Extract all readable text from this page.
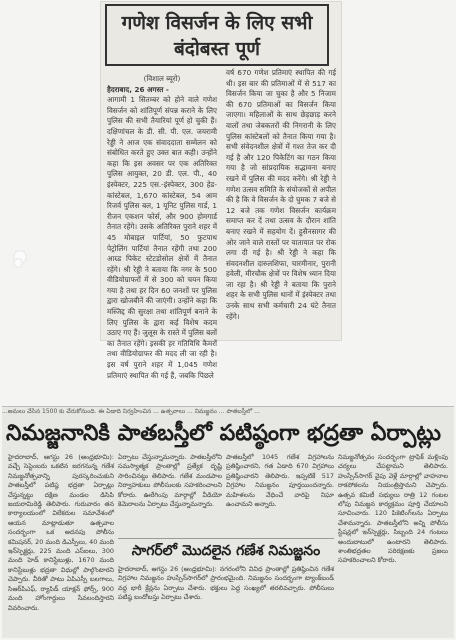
गणेश विसर्जन के लिए सभी बंदोबस्त पूर्ण
(विशाल ब्यूरो)
हैदराबाद, 26 अगस्त -
आगामी 1 सितम्बर को होने वाले गणेश विसर्जन को शांतिपूर्ण संपन्न कराने के लिए पुलिस की सभी तैयारियां पूर्ण हो चुकी हैं। दक्षिणांचल के डी. सी. पी. एल. जयरामी रेड्डी ने आज एक संवाददाता सम्मेलन को संबोधित करते हुए उक्त बात कही। उन्होंने कहा कि इस अवसर पर एक अतिरिक्त पुलिस आयुक्त, 20 डी. एल. पी., 40 इंस्पेक्टर, 225 एस.-इंस्पेक्टर, 300 हेड-कांस्टेबल, 1,670 कांस्टेबल, 54 आम रिजर्व पुलिस बल, 1 यूनिट पुलिस गार्ड, 1 रीजन एकशन फोर्स, और 900 होमगार्ड तैनात रहेंगे। उसके अतिरिक्त पुराने शहर में 45 मोबाइल पार्टियां, 50 फुटपाथ पेट्रोलिंग पार्टियां तैनात रहेंगी तथा 200 आम्र्ड पिकेट स्टेटडोसोल क्षेत्रों में तैनात रहेंगे। श्री रेड्डी ने बताया कि नगर के 500 वीडियोग्राफरों में से 300 को चयन किया गया है तथा हर दिन 60 जनशों पर पुलिस द्वारा खोजबीनें की जाएंगी। उन्होंने कहा कि मस्जिद्द की सुरक्षा तथा शांतिपूर्ण बनाने के लिए पुलिस के द्वारा कई विशेष कदम उठाए गए हैं। जुलूस के रास्ते में पुलिस बलों का तैनात रहेंगे। इसकी हर गतिविधि कैमरों तथा वीडियोग्राफर की मदद ली जा रही है। इस वर्ष पुराने शहर में 1,045 गणेश प्रतिमाएं स्थापित की गई हैं, जबकि पिछले
वर्ष 670 गणेश प्रतिमाएं स्थापित की गई थी। इस बार की प्रतिमाओं में से 517 का विसर्जन किया जा चुका है और 5 निजाम की 670 प्रतिमाओं का विसर्जन किया जाएगा। महिलाओं के साथ छेड़छाड़ करने वालों तथा जेबकतरों की निगरानी के लिए पुलिस कांस्टेबलों को तैनात किया गया है। सभी संवेदनशील क्षेत्रों में गश्त तेज कर दी गई है और 120 पिकेटिंग का गठन किया गया है जो सांप्रदायिक सद्भावना बनाए रखने में पुलिस की मदद करेंगे। श्री रेड्डी ने गणेश उत्सव समिति के संयोजकों से अपील की है कि वे विसर्जन के दो घुमक 7 बजे से 12 बजे तक गणेश विसर्जन कार्यक्रम समाप्त कर दें तथा उत्सव के दौरान शांति बनाए रखने में सहयोग दें। हुसैनसागर की ओर जाने वाले रास्तों पर यातायात पर रोक लगा दी गई है। श्री रेड्डी ने कहा कि संवदनशील दारुलशिफा, चारमीनार, पुरानी हवेली, मीरचौक क्षेत्रों पर विशेष ध्यान दिया जा रहा है। श्री रेड्डी ने बताया कि पुराने शहर के सभी पुलिस थानों में इंस्पेक्टर तथा उनके साथ सभी कर्मचारी 24 घंटे तैनात रहेंगे।
...అమలు చేసిన 1500 కు చేరుకోనుంది. ఈ ఏడాది నిర్వహించిన ... ఉత్సవాలు ... నిమజ్జనం ... పాతబస్తీలో ...
నిమజ్జనానికి పాతబస్తీలో పటిష్ఠంగా భద్రతా ఏర్పాట్లు
హైదరాబాద్, ఆగస్టు 26 (ఆంధ్రభూమి): వచ్చే సెప్టెంబరు ఒకటిన జరగనున్న గణేశ నిమజ్జనోత్సవాన్ని పురస్కరించుకుని పాతబస్తీలో పటిష్ఠ భద్రతా ఏర్పాట్లు చేస్తున్నట్టు దక్షిణ మండల డిసిపి జయరామిరెడ్డి తెలిపారు. గురువారం తన కార్యాలయంలో విలేకరుల సమావేశంలో ఆయన మాట్లాడుతూ ఉత్సవాల సందర్భంగా ఒక అదనపు పోలీసు కమిషనర్, 20 మంది డిఎస్పీలు, 40 మంది ఇన్‌స్పెక్టర్లు, 225 మంది ఎస్‌ఐలు, 300 మంది హెడ్ కానిస్టేబుళ్లు, 1670 మంది కానిస్టేబుళ్లు భద్రతా విధుల్లో పాల్గొంటారని చెప్పారు. వీరితో పాటు ఏపిఎస్పీ బలగాలు, సిఆర్‌పిఎఫ్, ర్యాపిడ్ యాక్షన్ ఫోర్స్, 900 మంది హోంగార్డులు సేవలందిస్తారని వివరించారు.
ఏర్పాటు చేస్తున్నామన్నారు. పాతబస్తీలోని సమస్యాత్మక ప్రాంతాల్లో ప్రత్యేక దృష్టి సారించినట్టు తెలిపారు. గణేశ మండపాల నిర్వాహకులు పోలీసులకు సహకరించాలని కోరారు. ఊరేగింపు మార్గాల్లో వీడియో కెమెరాలను ఏర్పాటు చేస్తున్నామన్నారు.
పాతబస్తీలో 1045 గణేశ విగ్రహాలను ప్రతిష్ఠించారని, గత ఏడాది 670 విగ్రహాలు ప్రతిష్ఠించారని తెలిపారు. ఇప్పటికే 517 విగ్రహాల నిమజ్జనం పూర్తయిందన్నారు. మహిళలను వేధించే వారిపై నిఘా ఉంచామని అన్నారు.
నిమజ్జనోత్సవం సందర్భంగా ట్రాఫిక్ మళ్లింపు చర్యలు చేపట్టామని తెలిపారు. హుస్సేన్‌సాగర్ వైపు వెళ్లే మార్గాల్లో వాహనాల రాకపోకలను నియంత్రిస్తామని చెప్పారు. ఉత్సవ కమిటీ సభ్యులు రాత్రి 12 గంటల లోపు నిమజ్జన కార్యక్రమం పూర్తి చేయాలని సూచించారు. 120 పికెటింగ్‌లను ఏర్పాటు చేశామన్నారు. పాతబస్తీలోని అన్ని పోలీసు స్టేషన్లలో ఇన్‌స్పెక్టర్లు, సిబ్బంది 24 గంటలు అందుబాటులో ఉంటారని తెలిపారు. శాంతిభద్రతల పరిరక్షణకు ప్రజలు సహకరించాలని కోరారు.
సాగర్‌లో మొదలైన గణేశ నిమజ్జనం
హైదరాబాద్, ఆగస్టు 26 (ఆంధ్రభూమి): నగరంలోని వివిధ ప్రాంతాల్లో ప్రతిష్ఠించిన గణేశ విగ్రహాల నిమజ్జనం హుస్సేన్‌సాగర్‌లో ప్రారంభమైంది. నిమజ్జనం సందర్భంగా ట్యాంక్‌బండ్ వద్ద భారీ క్రేన్లను ఏర్పాటు చేశారు. భక్తులు పెద్ద సంఖ్యలో తరలివచ్చారు. పోలీసులు పటిష్ఠ బందోబస్తు ఏర్పాటు చేశారు.
